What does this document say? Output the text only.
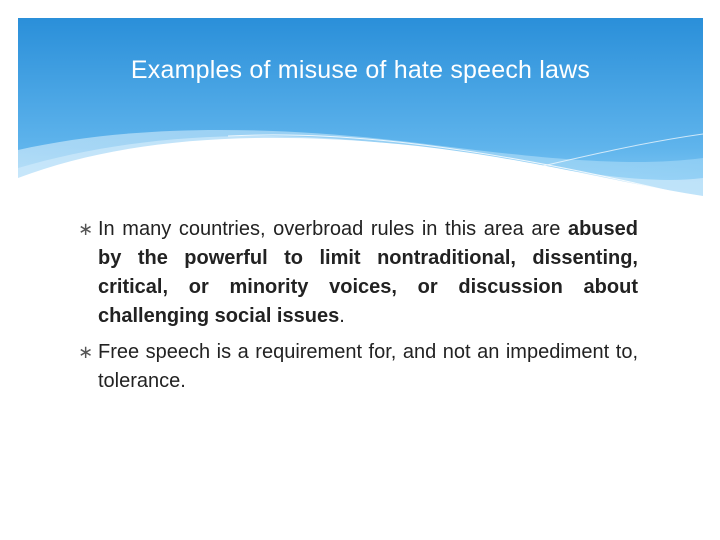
Examples of misuse of hate speech laws
∗ In many countries, overbroad rules in this area are abused by the powerful to limit nontraditional, dissenting, critical, or minority voices, or discussion about challenging social issues.
∗ Free speech is a requirement for, and not an impediment to, tolerance.
